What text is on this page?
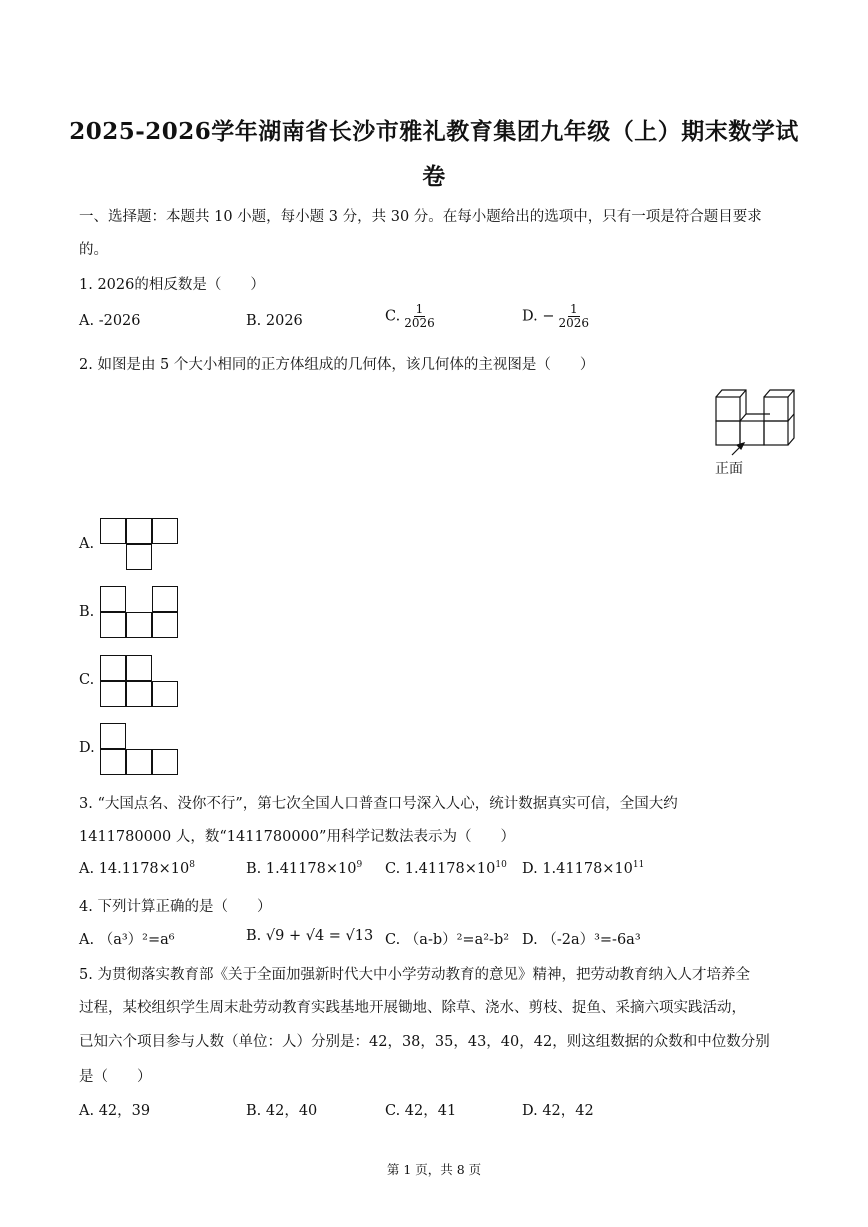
2025-2026学年湖南省长沙市雅礼教育集团九年级（上）期末数学试
卷
一、选择题：本题共 10 小题，每小题 3 分，共 30 分。在每小题给出的选项中，只有一项是符合题目要求
的。
1. 2026的相反数是（　　）
A. -2026	B. 2026	C. $\frac{1}{2026}$	D. − $\frac{1}{2026}$
2. 如图是由 5 个大小相同的正方体组成的几何体，该几何体的主视图是（　　）
正面
A.
B.
C.
D.
3. “大国点名、没你不行”，第七次全国人口普查口号深入人心，统计数据真实可信，全国大约
1411780000 人，数“1411780000”用科学记数法表示为（　　）
A. $14.1178\times 10^8$	B. $1.41178\times 10^9$ C. $1.41178\times 10^{10}$ D. $1.41178\times 10^{11}$
4. 下列计算正确的是（　　）
A. （a³）²=a⁶	B. √9 + √4 = √13 C. （a-b）²=a²-b² D. （-2a）³=-6a³
5. 为贯彻落实教育部《关于全面加强新时代大中小学劳动教育的意见》精神，把劳动教育纳入人才培养全
过程，某校组织学生周末赴劳动教育实践基地开展锄地、除草、浇水、剪枝、捉鱼、采摘六项实践活动，
已知六个项目参与人数（单位：人）分别是：42，38，35，43，40，42，则这组数据的众数和中位数分别
是（　　）
A. 42，39	B. 42，40	C. 42，41	D. 42，42
第 1 页，共 8 页
